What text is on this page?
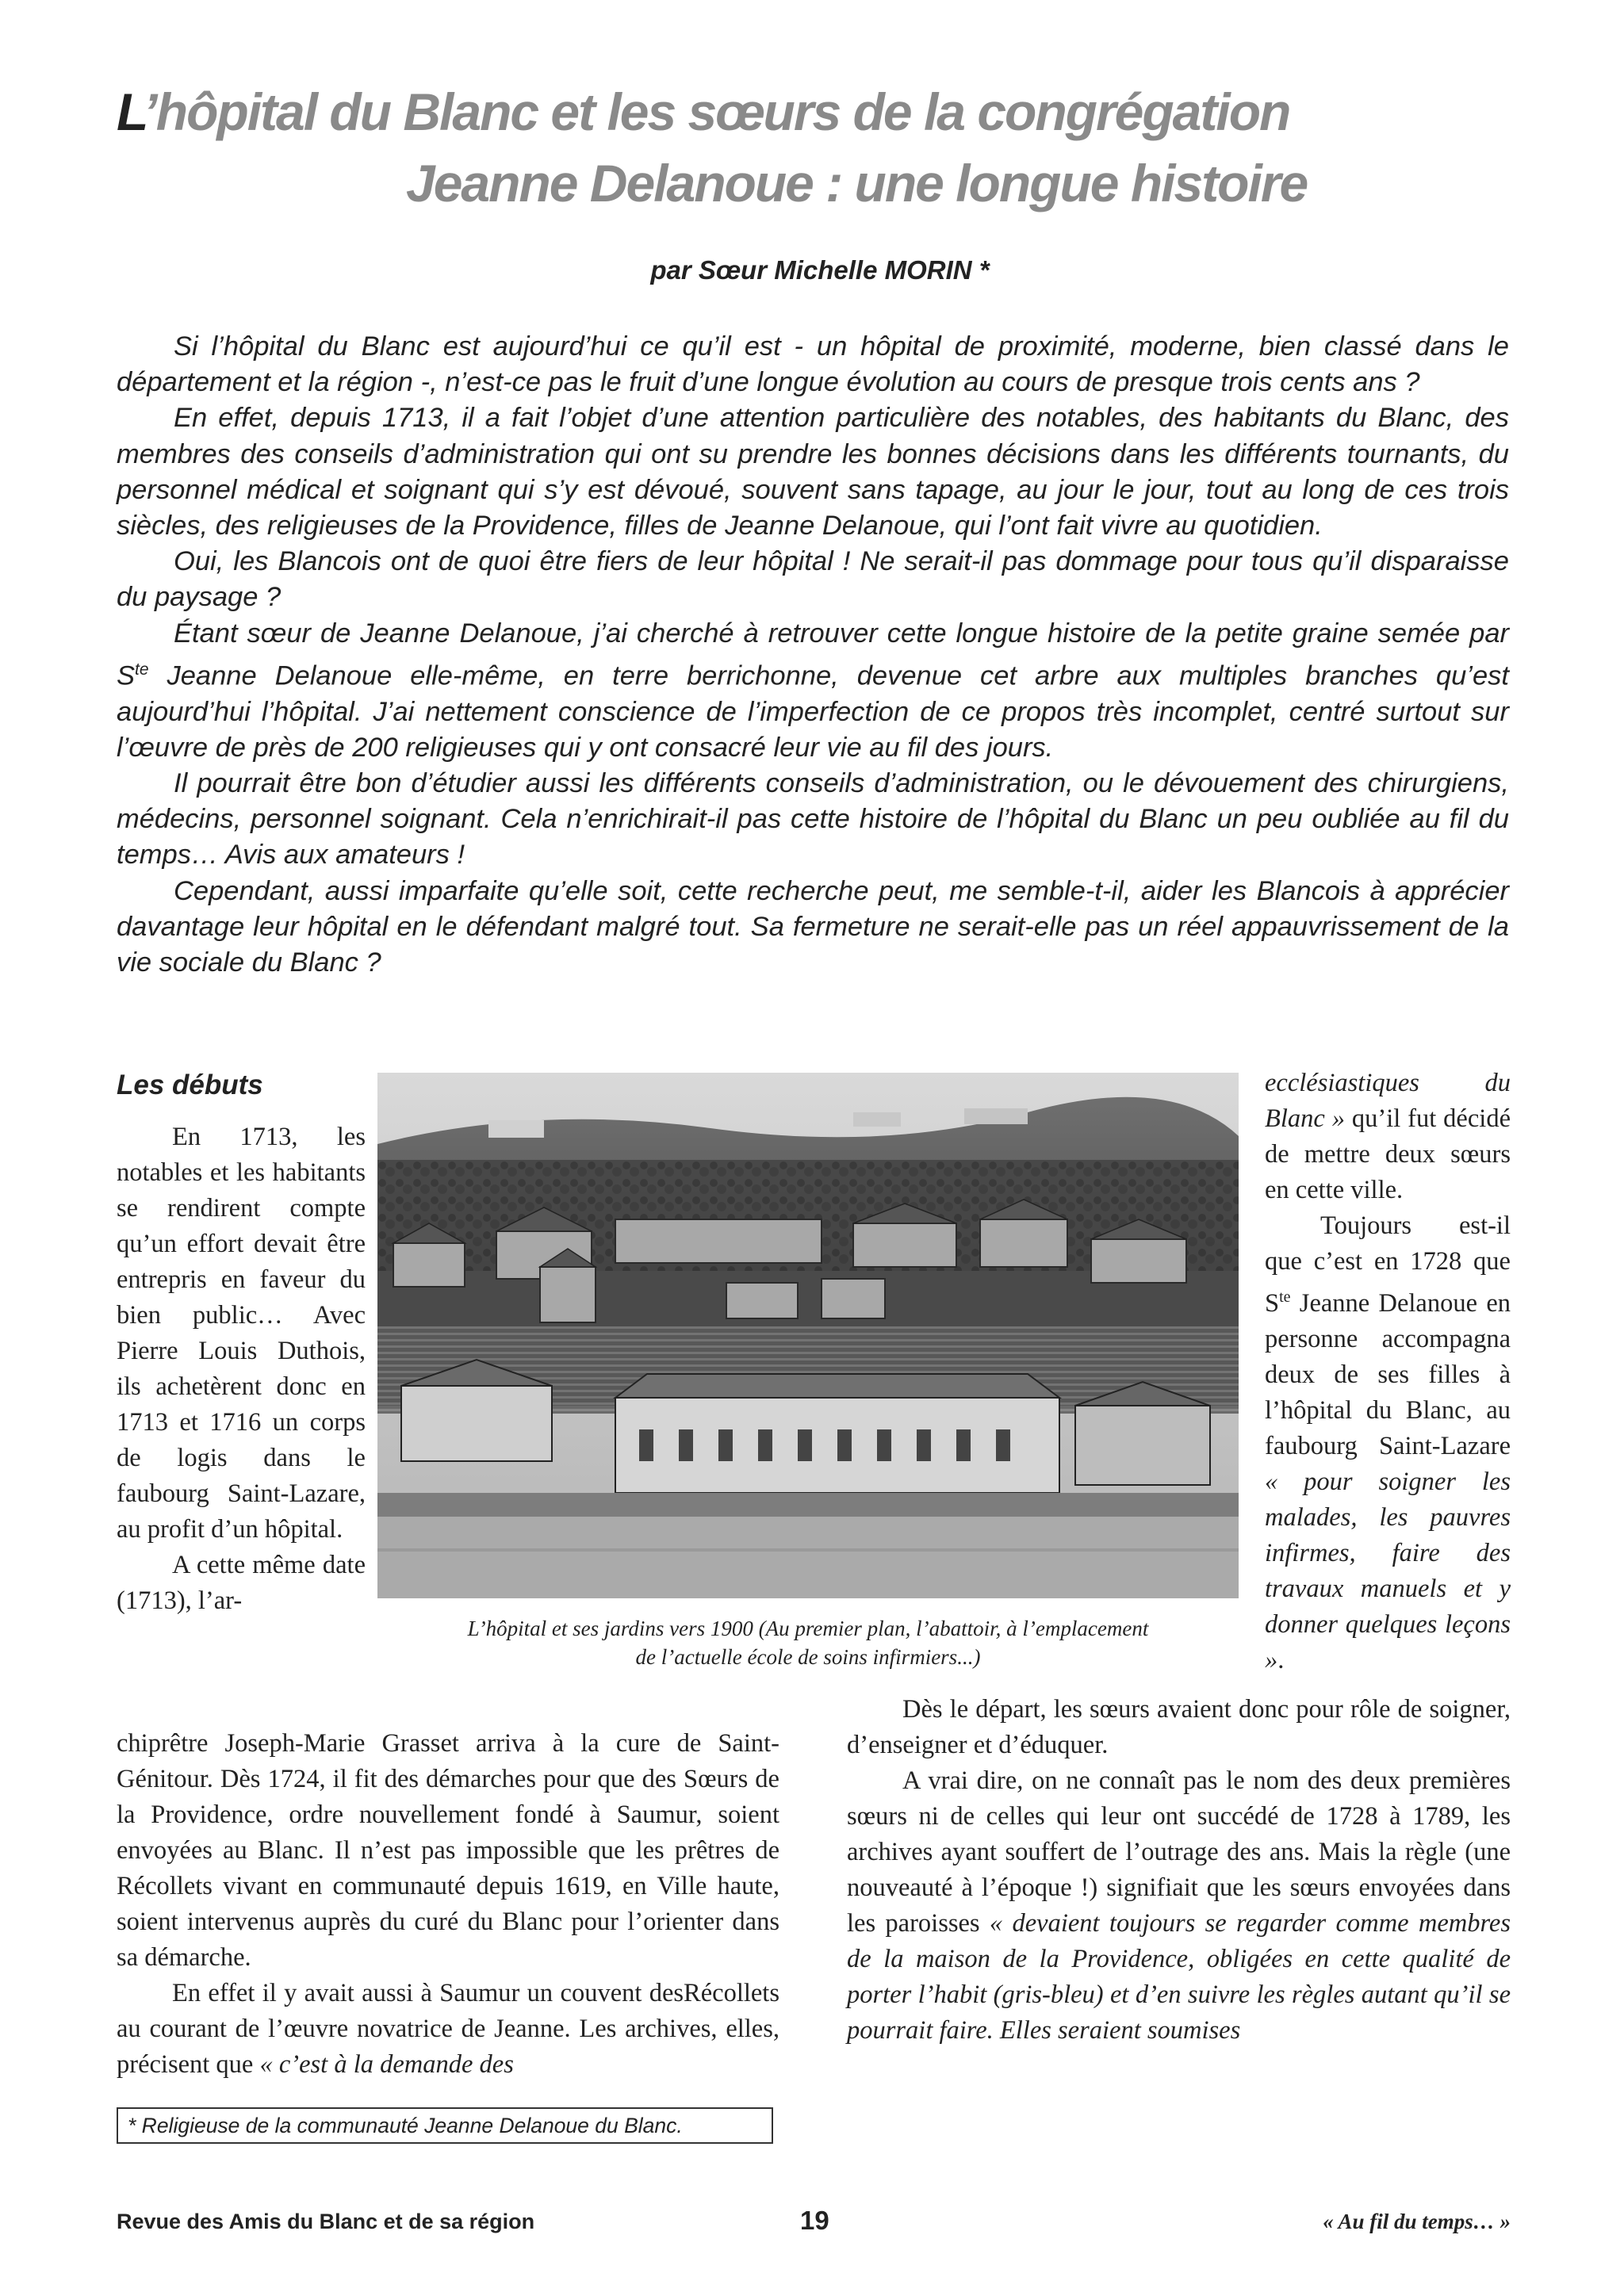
L’hôpital du Blanc et les sœurs de la congrégation
Jeanne Delanoue : une longue histoire
par Sœur Michelle MORIN *

Si l’hôpital du Blanc est aujourd’hui ce qu’il est - un hôpital de proximité, moderne, bien classé dans le département et la région -, n’est-ce pas le fruit d’une longue évolution au cours de presque trois cents ans ?

En effet, depuis 1713, il a fait l’objet d’une attention particulière des notables, des habitants du Blanc, des membres des conseils d’administration qui ont su prendre les bonnes décisions dans les différents tournants, du personnel médical et soignant qui s’y est dévoué, souvent sans tapage, au jour le jour, tout au long de ces trois siècles, des religieuses de la Providence, filles de Jeanne Delanoue, qui l’ont fait vivre au quotidien.

Oui, les Blancois ont de quoi être fiers de leur hôpital ! Ne serait-il pas dommage pour tous qu’il disparaisse du paysage ?

Étant sœur de Jeanne Delanoue, j’ai cherché à retrouver cette longue histoire de la petite graine semée par $S^{te}$ Jeanne Delanoue elle-même, en terre berrichonne, devenue cet arbre aux multiples branches qu’est aujourd’hui l’hôpital. J’ai nettement conscience de l’imperfection de ce propos très incomplet, centré surtout sur l’œuvre de près de 200 religieuses qui y ont consacré leur vie au fil des jours.

Il pourrait être bon d’étudier aussi les différents conseils d’administration, ou le dévouement des chirurgiens, médecins, personnel soignant. Cela n’enrichirait-il pas cette histoire de l’hôpital du Blanc un peu oubliée au fil du temps… Avis aux amateurs !

Cependant, aussi imparfaite qu’elle soit, cette recherche peut, me semble-t-il, aider les Blancois à apprécier davantage leur hôpital en le défendant malgré tout. Sa fermeture ne serait-elle pas un réel appauvrissement de la vie sociale du Blanc ?

Les débuts

En 1713, les notables et les habitants se rendirent compte qu’un effort devait être entrepris en faveur du bien public… Avec Pierre Louis Duthois, ils achetèrent donc en 1713 et 1716 un corps de logis dans le faubourg Saint-Lazare, au profit d’un hôpital.

A cette même date (1713), l’ar-

L’hôpital et ses jardins vers 1900 (Au premier plan, l’abattoir, à l’emplacement
de l’actuelle école de soins infirmiers...)

chiprêtre Joseph-Marie Grasset arriva à la cure de Saint-Génitour. Dès 1724, il fit des démarches pour que des Sœurs de la Providence, ordre nouvellement fondé à Saumur, soient envoyées au Blanc. Il n’est pas impossible que les prêtres de Récollets vivant en communauté depuis 1619, en Ville haute, soient intervenus auprès du curé du Blanc pour l’orienter dans sa démarche.

En effet il y avait aussi à Saumur un couvent desRécollets au courant de l’œuvre novatrice de Jeanne. Les archives, elles, précisent que « c’est à la demande des

ecclésiastiques du Blanc » qu’il fut décidé de mettre deux sœurs en cette ville.

Toujours est-il que c’est en 1728 que $S^{te}$ Jeanne Delanoue en personne accompagna deux de ses filles à l’hôpital du Blanc, au faubourg Saint-Lazare « pour soigner les malades, les pauvres infirmes, faire des travaux manuels et y donner quelques leçons ».

Dès le départ, les sœurs avaient donc pour rôle de soigner, d’enseigner et d’éduquer.

A vrai dire, on ne connaît pas le nom des deux premières sœurs ni de celles qui leur ont succédé de 1728 à 1789, les archives ayant souffert de l’outrage des ans. Mais la règle (une nouveauté à l’époque !) signifiait que les sœurs envoyées dans les paroisses « devaient toujours se regarder comme membres de la maison de la Providence, obligées en cette qualité de porter l’habit (gris-bleu) et d’en suivre les règles autant qu’il se pourrait faire. Elles seraient soumises

* Religieuse de la communauté Jeanne Delanoue du Blanc.
Revue des Amis du Blanc et de sa région	19	« Au fil du temps… »
